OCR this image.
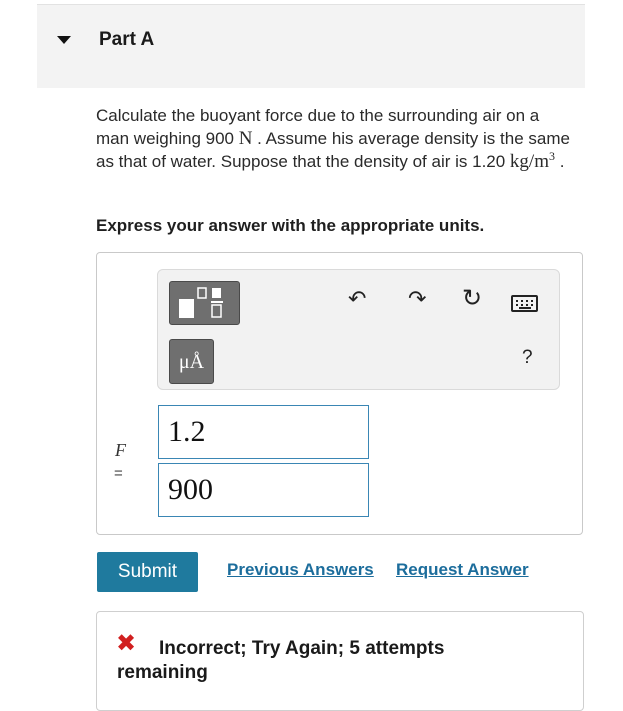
Part A
Calculate the buoyant force due to the surrounding air on a man weighing 900 N . Assume his average density is the same as that of water. Suppose that the density of air is 1.20 $kg/m^3$ .
Express your answer with the appropriate units.
μÅ
↶ ↷ ↻
?
F
=
1.2
900
Submit	Previous Answers Request Answer
✖	Incorrect; Try Again; 5 attempts remaining
